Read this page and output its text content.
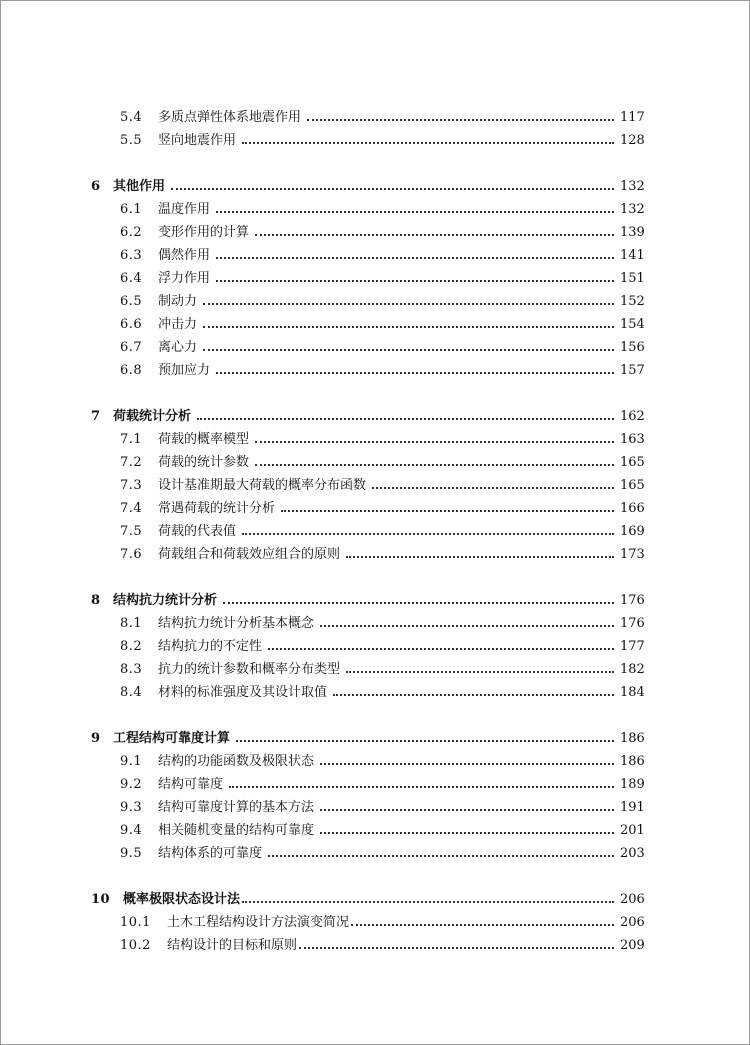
5.4	多质点弹性体系地震作用	117
5.5	竖向地震作用	128
6 其他作用	132
6.1	温度作用	132
6.2	变形作用的计算	139
6.3	偶然作用	141
6.4	浮力作用	151
6.5	制动力	152
6.6	冲击力	154
6.7	离心力	156
6.8	预加应力	157
7 荷载统计分析	162
7.1	荷载的概率模型	163
7.2	荷载的统计参数	165
7.3	设计基准期最大荷载的概率分布函数	165
7.4	常遇荷载的统计分析	166
7.5	荷载的代表值	169
7.6	荷载组合和荷载效应组合的原则	173
8 结构抗力统计分析	176
8.1	结构抗力统计分析基本概念	176
8.2	结构抗力的不定性	177
8.3	抗力的统计参数和概率分布类型	182
8.4	材料的标准强度及其设计取值	184
9 工程结构可靠度计算	186
9.1	结构的功能函数及极限状态	186
9.2	结构可靠度	189
9.3	结构可靠度计算的基本方法	191
9.4	相关随机变量的结构可靠度	201
9.5	结构体系的可靠度	203
10 概率极限状态设计法	206
10.1	土木工程结构设计方法演变简况	206
10.2	结构设计的目标和原则	209
